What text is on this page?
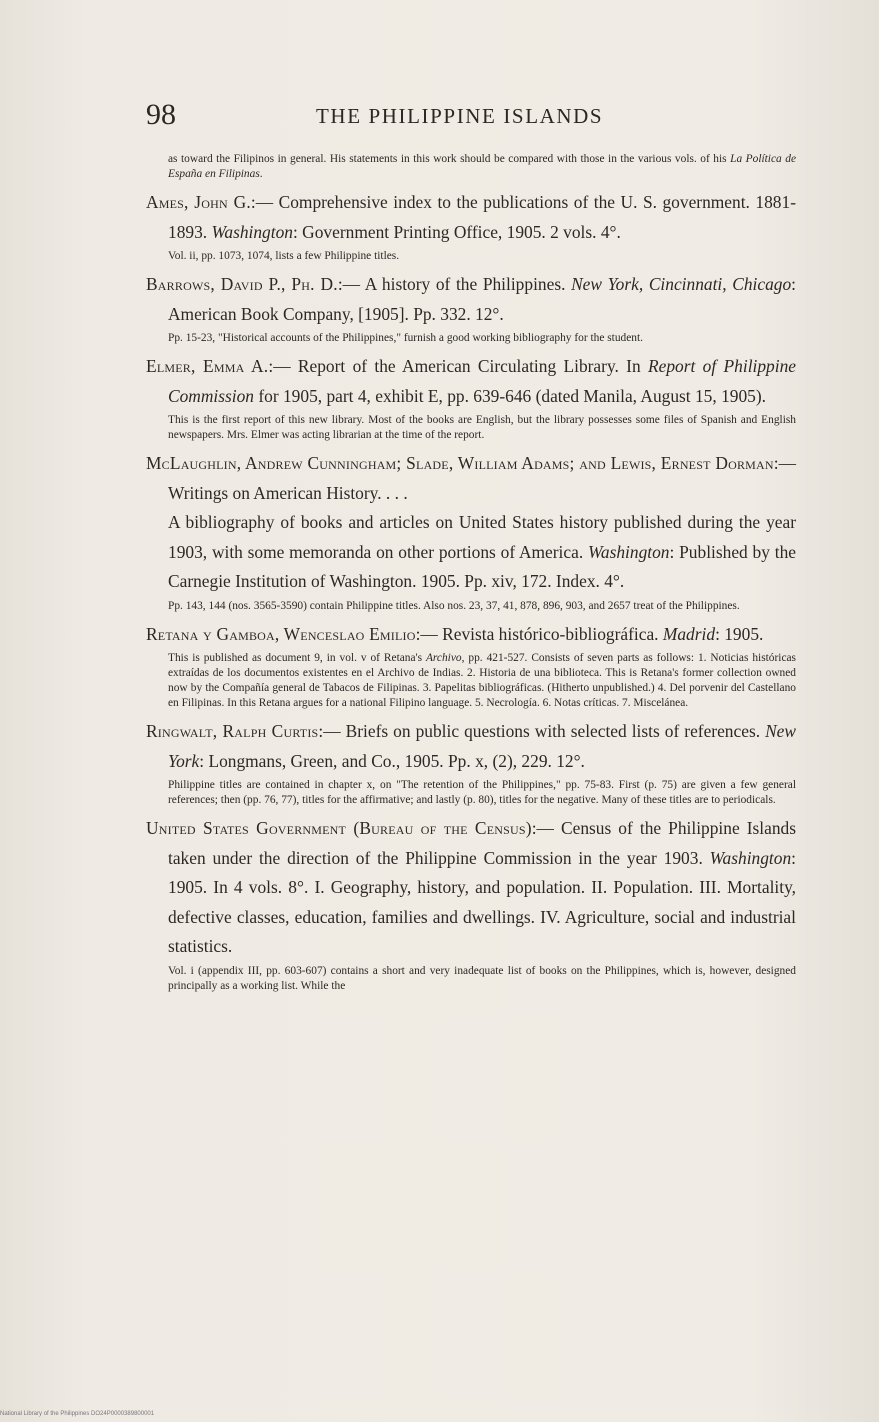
98	THE PHILIPPINE ISLANDS

as toward the Filipinos in general. His statements in this work should be compared with those in the various vols. of his La Política de España en Filipinas.

Ames, John G.:— Comprehensive index to the publications of the U. S. government. 1881-1893. Washington: Government Printing Office, 1905. 2 vols. 4°.

Vol. ii, pp. 1073, 1074, lists a few Philippine titles.

Barrows, David P., Ph. D.:— A history of the Philippines. New York, Cincinnati, Chicago: American Book Company, [1905]. Pp. 332. 12°.

Pp. 15-23, "Historical accounts of the Philippines," furnish a good working bibliography for the student.

Elmer, Emma A.:— Report of the American Circulating Library. In Report of Philippine Commission for 1905, part 4, exhibit E, pp. 639-646 (dated Manila, August 15, 1905).

This is the first report of this new library. Most of the books are English, but the library possesses some files of Spanish and English newspapers. Mrs. Elmer was acting librarian at the time of the report.

McLaughlin, Andrew Cunningham; Slade, William Adams; and Lewis, Ernest Dorman:— Writings on American History. . . .
A bibliography of books and articles on United States history published during the year 1903, with some memoranda on other portions of America. Washington: Published by the Carnegie Institution of Washington. 1905. Pp. xiv, 172. Index. 4°.

Pp. 143, 144 (nos. 3565-3590) contain Philippine titles. Also nos. 23, 37, 41, 878, 896, 903, and 2657 treat of the Philippines.

Retana y Gamboa, Wenceslao Emilio:— Revista histórico-bibliográfica. Madrid: 1905.

This is published as document 9, in vol. v of Retana's Archivo, pp. 421-527. Consists of seven parts as follows: 1. Noticias históricas extraídas de los documentos existentes en el Archivo de Indias. 2. Historia de una biblioteca. This is Retana's former collection owned now by the Compañía general de Tabacos de Filipinas. 3. Papelitas bibliográficas. (Hitherto unpublished.) 4. Del porvenir del Castellano en Filipinas. In this Retana argues for a national Filipino language. 5. Necrología. 6. Notas críticas. 7. Miscelánea.

Ringwalt, Ralph Curtis:— Briefs on public questions with selected lists of references. New York: Longmans, Green, and Co., 1905. Pp. x, (2), 229. 12°.

Philippine titles are contained in chapter x, on "The retention of the Philippines," pp. 75-83. First (p. 75) are given a few general references; then (pp. 76, 77), titles for the affirmative; and lastly (p. 80), titles for the negative. Many of these titles are to periodicals.

United States Government (Bureau of the Census):— Census of the Philippine Islands taken under the direction of the Philippine Commission in the year 1903. Washington: 1905. In 4 vols. 8°. I. Geography, history, and population. II. Population. III. Mortality, defective classes, education, families and dwellings. IV. Agriculture, social and industrial statistics.

Vol. i (appendix III, pp. 603-607) contains a short and very inadequate list of books on the Philippines, which is, however, designed principally as a working list. While the

National Library of the Philippines DO24P0000389800001
